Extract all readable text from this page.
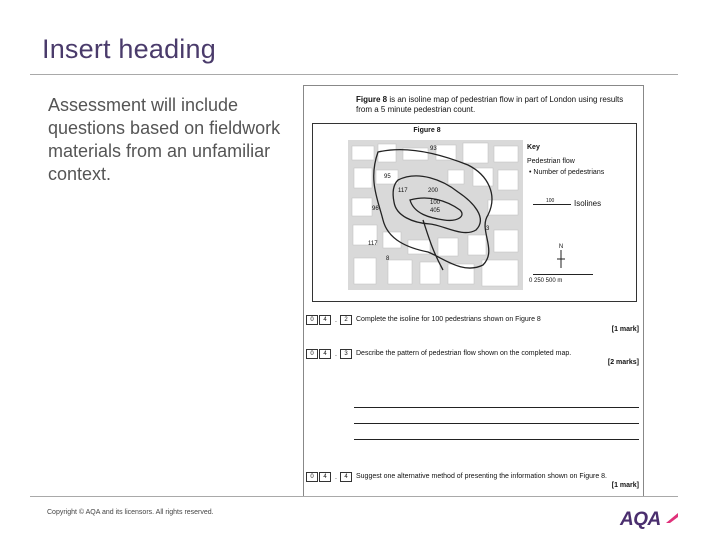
Insert heading
Assessment will include questions based on fieldwork materials from an unfamiliar context.
Figure 8 is an isoline map of pedestrian flow in part of London using results from a 5 minute pedestrian count.
Figure 8
93
95
117	200
100
405
96
3
117
8
Key
Pedestrian flow
• Number of pedestrians
100 Isolines
N
0 250 500 m
0 4 . 2 Complete the isoline for 100 pedestrians shown on Figure 8
[1 mark]
0 4 . 3 Describe the pattern of pedestrian flow shown on the completed map.
[2 marks]
0 4 . 4 Suggest one alternative method of presenting the information shown on Figure 8.
[1 mark]
Copyright © AQA and its licensors. All rights reserved.	AQA
